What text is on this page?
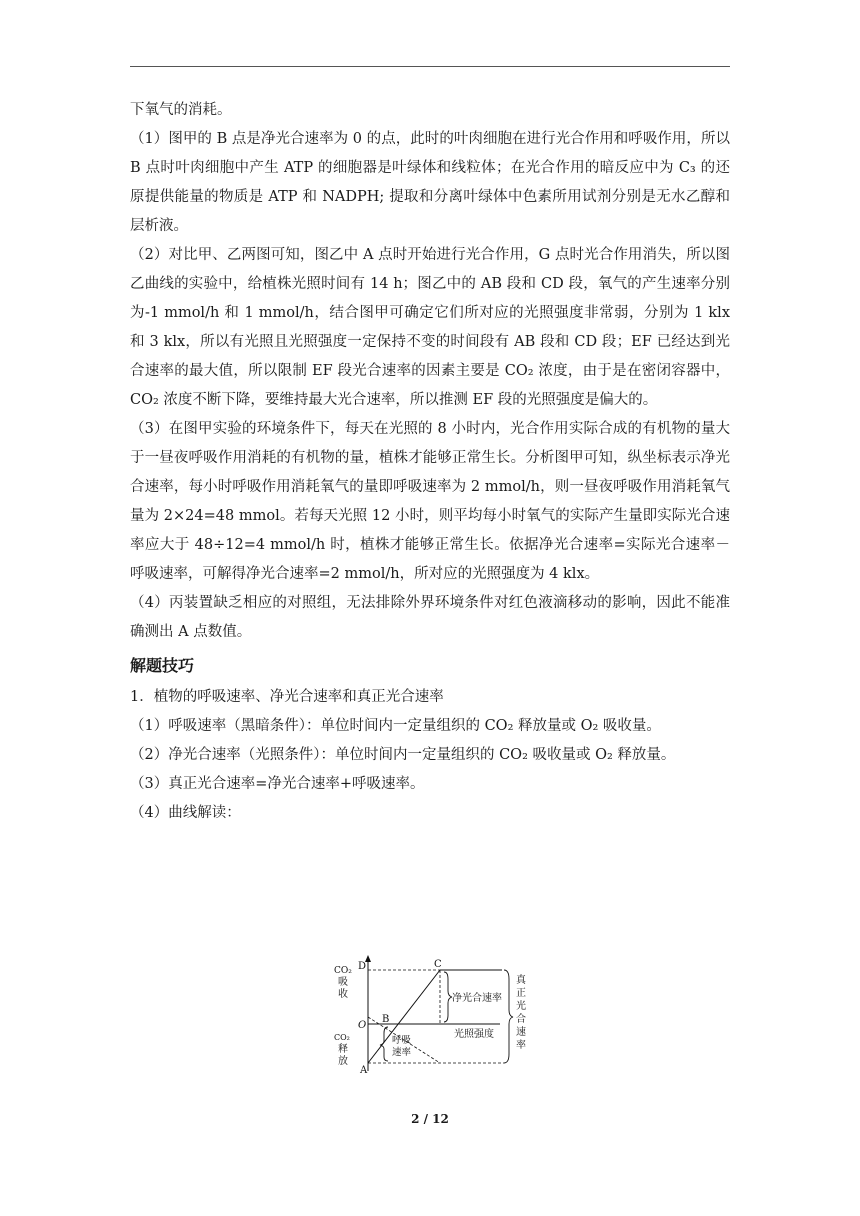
下氧气的消耗。

（1）图甲的 B 点是净光合速率为 0 的点，此时的叶肉细胞在进行光合作用和呼吸作用，所以 B 点时叶肉细胞中产生 ATP 的细胞器是叶绿体和线粒体；在光合作用的暗反应中为 C₃ 的还原提供能量的物质是 ATP 和 NADPH; 提取和分离叶绿体中色素所用试剂分别是无水乙醇和层析液。

（2）对比甲、乙两图可知，图乙中 A 点时开始进行光合作用，G 点时光合作用消失，所以图乙曲线的实验中，给植株光照时间有 14 h；图乙中的 AB 段和 CD 段，氧气的产生速率分别为-1 mmol/h 和 1 mmol/h，结合图甲可确定它们所对应的光照强度非常弱，分别为 1 klx 和 3 klx，所以有光照且光照强度一定保持不变的时间段有 AB 段和 CD 段；EF 已经达到光合速率的最大值，所以限制 EF 段光合速率的因素主要是 CO₂ 浓度，由于是在密闭容器中，CO₂ 浓度不断下降，要维持最大光合速率，所以推测 EF 段的光照强度是偏大的。

（3）在图甲实验的环境条件下，每天在光照的 8 小时内，光合作用实际合成的有机物的量大于一昼夜呼吸作用消耗的有机物的量，植株才能够正常生长。分析图甲可知，纵坐标表示净光合速率，每小时呼吸作用消耗氧气的量即呼吸速率为 2 mmol/h，则一昼夜呼吸作用消耗氧气量为 2×24=48 mmol。若每天光照 12 小时，则平均每小时氧气的实际产生量即实际光合速率应大于 48÷12=4 mmol/h 时，植株才能够正常生长。依据净光合速率=实际光合速率－呼吸速率，可解得净光合速率=2 mmol/h，所对应的光照强度为 4 klx。

（4）丙装置缺乏相应的对照组，无法排除外界环境条件对红色液滴移动的影响，因此不能准确测出 A 点数值。

解题技巧

1．植物的呼吸速率、净光合速率和真正光合速率

（1）呼吸速率（黑暗条件）：单位时间内一定量组织的 CO₂ 释放量或 O₂ 吸收量。

（2）净光合速率（光照条件）：单位时间内一定量组织的 CO₂ 吸收量或 O₂ 释放量。

（3）真正光合速率=净光合速率+呼吸速率。

（4）曲线解读：

CO₂
吸
收
CO₂
释
放
O
A
B
C
D
光照强度
净光合速率
呼吸
速率
真
正
光
合
速
率
2 / 12
